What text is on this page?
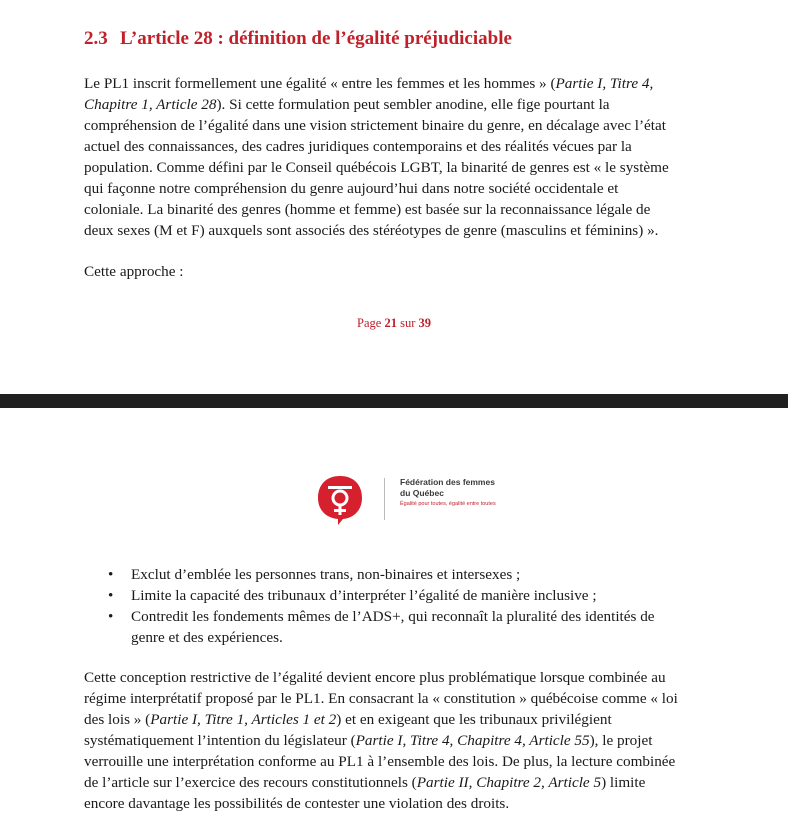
2.3 L’article 28 : définition de l’égalité préjudiciable
Le PL1 inscrit formellement une égalité « entre les femmes et les hommes » (Partie I, Titre 4,
Chapitre 1, Article 28). Si cette formulation peut sembler anodine, elle fige pourtant la
compréhension de l’égalité dans une vision strictement binaire du genre, en décalage avec l’état
actuel des connaissances, des cadres juridiques contemporains et des réalités vécues par la
population. Comme défini par le Conseil québécois LGBT, la binarité de genres est « le système
qui façonne notre compréhension du genre aujourd’hui dans notre société occidentale et
coloniale. La binarité des genres (homme et femme) est basée sur la reconnaissance légale de
deux sexes (M et F) auxquels sont associés des stéréotypes de genre (masculins et féminins) ».
Cette approche :
Page 21 sur 39
Fédération des femmes
du Québec
Égalité pour toutes, égalité entre toutes
• Exclut d’emblée les personnes trans, non-binaires et intersexes ;
• Limite la capacité des tribunaux d’interpréter l’égalité de manière inclusive ;
• Contredit les fondements mêmes de l’ADS+, qui reconnaît la pluralité des identités de
genre et des expériences.
Cette conception restrictive de l’égalité devient encore plus problématique lorsque combinée au
régime interprétatif proposé par le PL1. En consacrant la « constitution » québécoise comme « loi
des lois » (Partie I, Titre 1, Articles 1 et 2) et en exigeant que les tribunaux privilégient
systématiquement l’intention du législateur (Partie I, Titre 4, Chapitre 4, Article 55), le projet
verrouille une interprétation conforme au PL1 à l’ensemble des lois. De plus, la lecture combinée
de l’article sur l’exercice des recours constitutionnels (Partie II, Chapitre 2, Article 5) limite
encore davantage les possibilités de contester une violation des droits.
